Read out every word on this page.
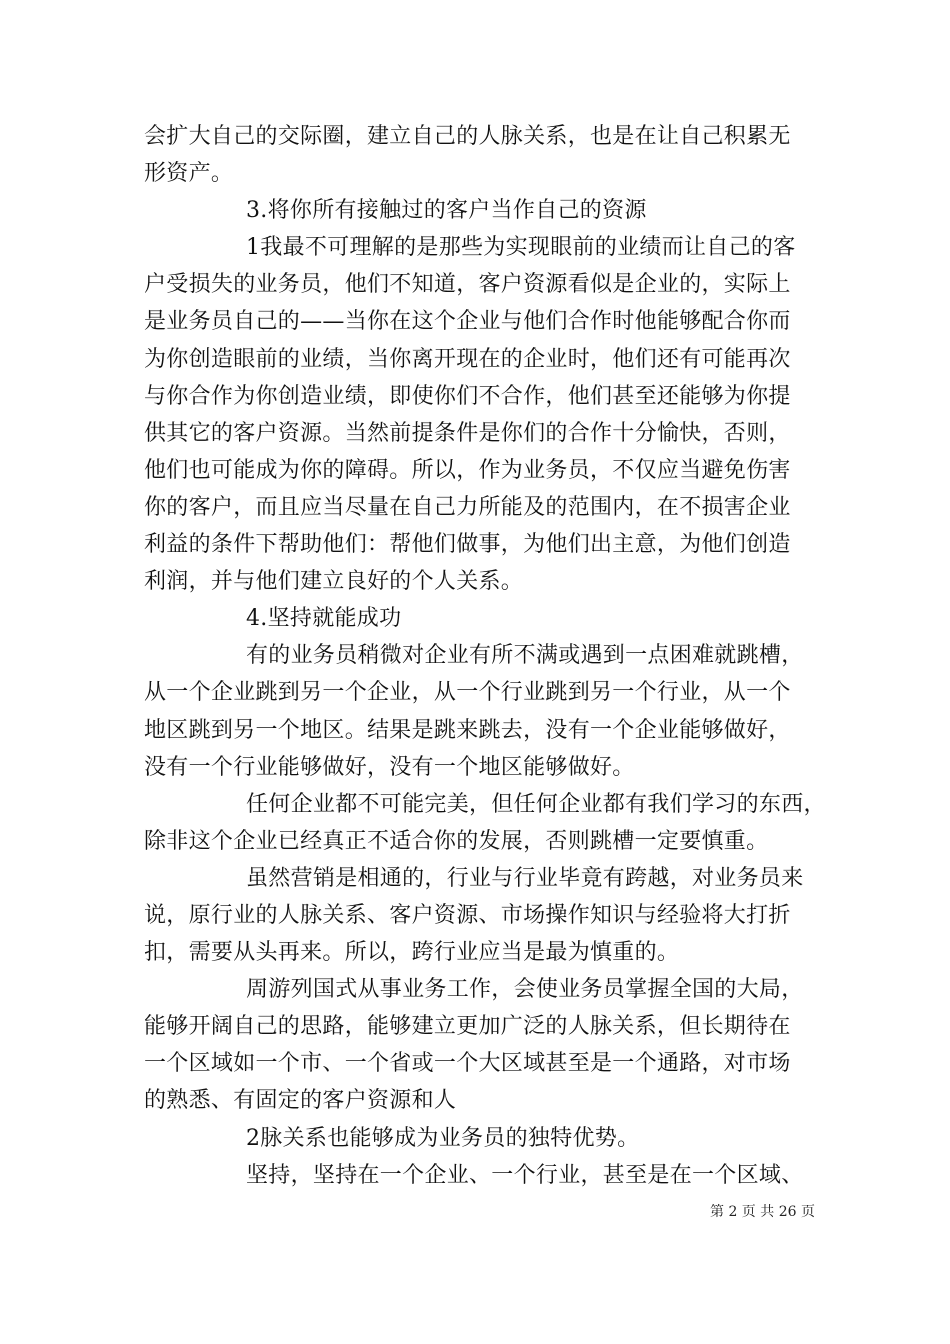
会扩大自己的交际圈，建立自己的人脉关系，也是在让自己积累无
形资产。
3.将你所有接触过的客户当作自己的资源
1我最不可理解的是那些为实现眼前的业绩而让自己的客
户受损失的业务员，他们不知道，客户资源看似是企业的，实际上
是业务员自己的——当你在这个企业与他们合作时他能够配合你而
为你创造眼前的业绩，当你离开现在的企业时，他们还有可能再次
与你合作为你创造业绩，即使你们不合作，他们甚至还能够为你提
供其它的客户资源。当然前提条件是你们的合作十分愉快，否则，
他们也可能成为你的障碍。所以，作为业务员，不仅应当避免伤害
你的客户，而且应当尽量在自己力所能及的范围内，在不损害企业
利益的条件下帮助他们：帮他们做事，为他们出主意，为他们创造
利润，并与他们建立良好的个人关系。
4.坚持就能成功
有的业务员稍微对企业有所不满或遇到一点困难就跳槽，
从一个企业跳到另一个企业，从一个行业跳到另一个行业，从一个
地区跳到另一个地区。结果是跳来跳去，没有一个企业能够做好，
没有一个行业能够做好，没有一个地区能够做好。
任何企业都不可能完美，但任何企业都有我们学习的东西，
除非这个企业已经真正不适合你的发展，否则跳槽一定要慎重。
虽然营销是相通的，行业与行业毕竟有跨越，对业务员来
说，原行业的人脉关系、客户资源、市场操作知识与经验将大打折
扣，需要从头再来。所以，跨行业应当是最为慎重的。
周游列国式从事业务工作，会使业务员掌握全国的大局，
能够开阔自己的思路，能够建立更加广泛的人脉关系，但长期待在
一个区域如一个市、一个省或一个大区域甚至是一个通路，对市场
的熟悉、有固定的客户资源和人
2脉关系也能够成为业务员的独特优势。
坚持，坚持在一个企业、一个行业，甚至是在一个区域、
第 2 页 共 26 页
